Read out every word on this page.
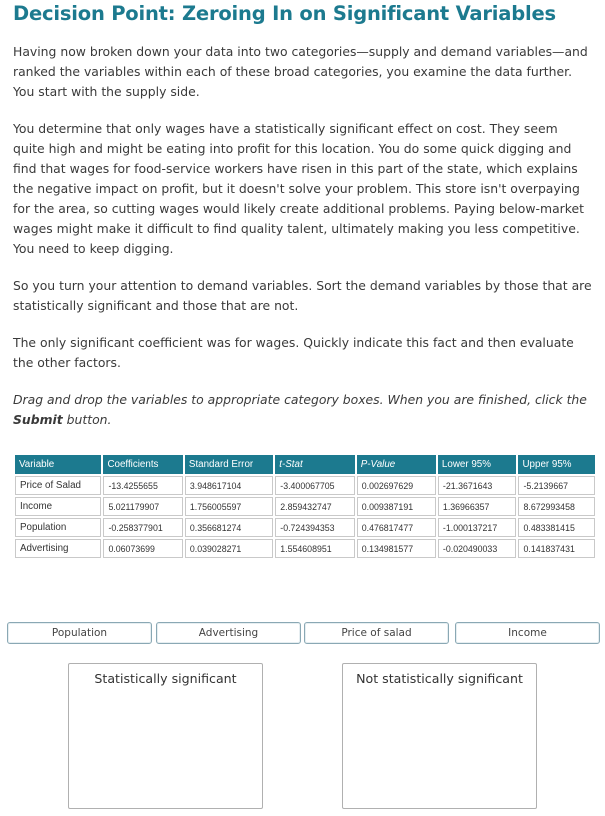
Decision Point: Zeroing In on Significant Variables

Having now broken down your data into two categories—supply and demand variables—and ranked the variables within each of these broad categories, you examine the data further. You start with the supply side.

You determine that only wages have a statistically significant effect on cost. They seem quite high and might be eating into profit for this location. You do some quick digging and find that wages for food-service workers have risen in this part of the state, which explains the negative impact on profit, but it doesn't solve your problem. This store isn't overpaying for the area, so cutting wages would likely create additional problems. Paying below-market wages might make it difficult to find quality talent, ultimately making you less competitive. You need to keep digging.

So you turn your attention to demand variables. Sort the demand variables by those that are statistically significant and those that are not.

The only significant coefficient was for wages. Quickly indicate this fact and then evaluate the other factors.

Drag and drop the variables to appropriate category boxes. When you are finished, click the Submit button.

Variable	Coefficients	Standard Error	t-Stat	P-Value	Lower 95%	Upper 95%
Price of Salad	-13.4255655	3.948617104	-3.400067705	0.002697629	-21.3671643	-5.2139667
Income	5.021179907	1.756005597	2.859432747	0.009387191	1.36966357	8.672993458
Population	-0.258377901	0.356681274	-0.724394353	0.476817477	-1.000137217	0.483381415
Advertising	0.06073699	0.039028271	1.554608951	0.134981577	-0.020490033	0.141837431
Population	Advertising	Price of salad	Income
Statistically significant	Not statistically significant
